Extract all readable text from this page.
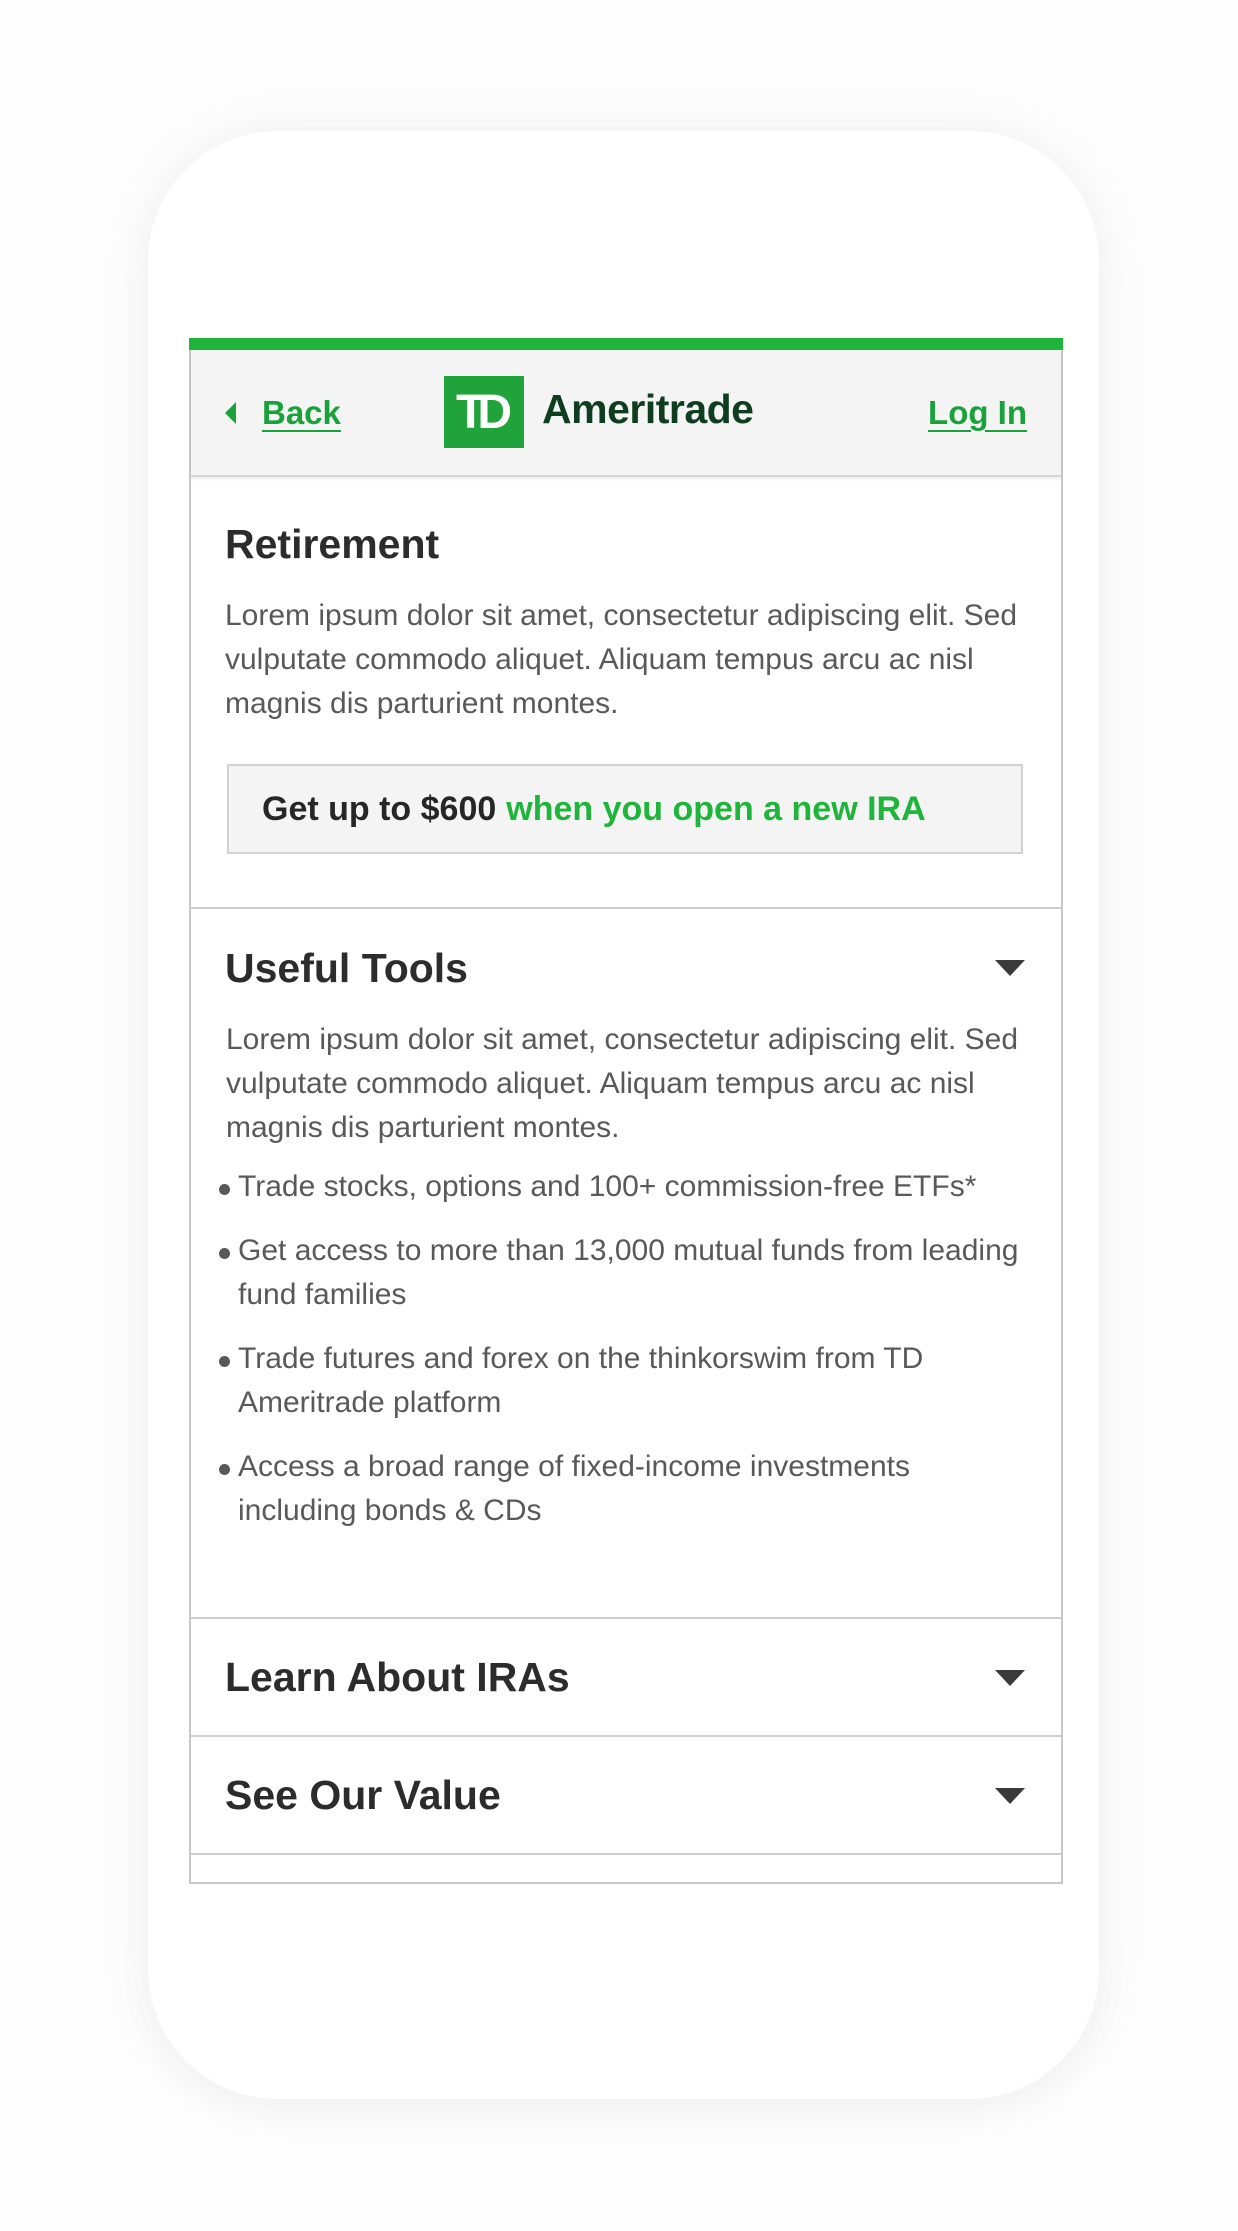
Back TD Ameritrade	Log In
Retirement
Lorem ipsum dolor sit amet, consectetur adipiscing elit. Sed vulputate commodo aliquet. Aliquam tempus arcu ac nisl magnis dis parturient montes.
Get up to $600 when you open a new IRA
Useful Tools
Lorem ipsum dolor sit amet, consectetur adipiscing elit. Sed vulputate commodo aliquet. Aliquam tempus arcu ac nisl magnis dis parturient montes.
Trade stocks, options and 100+ commission-free ETFs*
Get access to more than 13,000 mutual funds from leading fund families
Trade futures and forex on the thinkorswim from TD Ameritrade platform
Access a broad range of fixed-income investments including bonds & CDs
Learn About IRAs
See Our Value
